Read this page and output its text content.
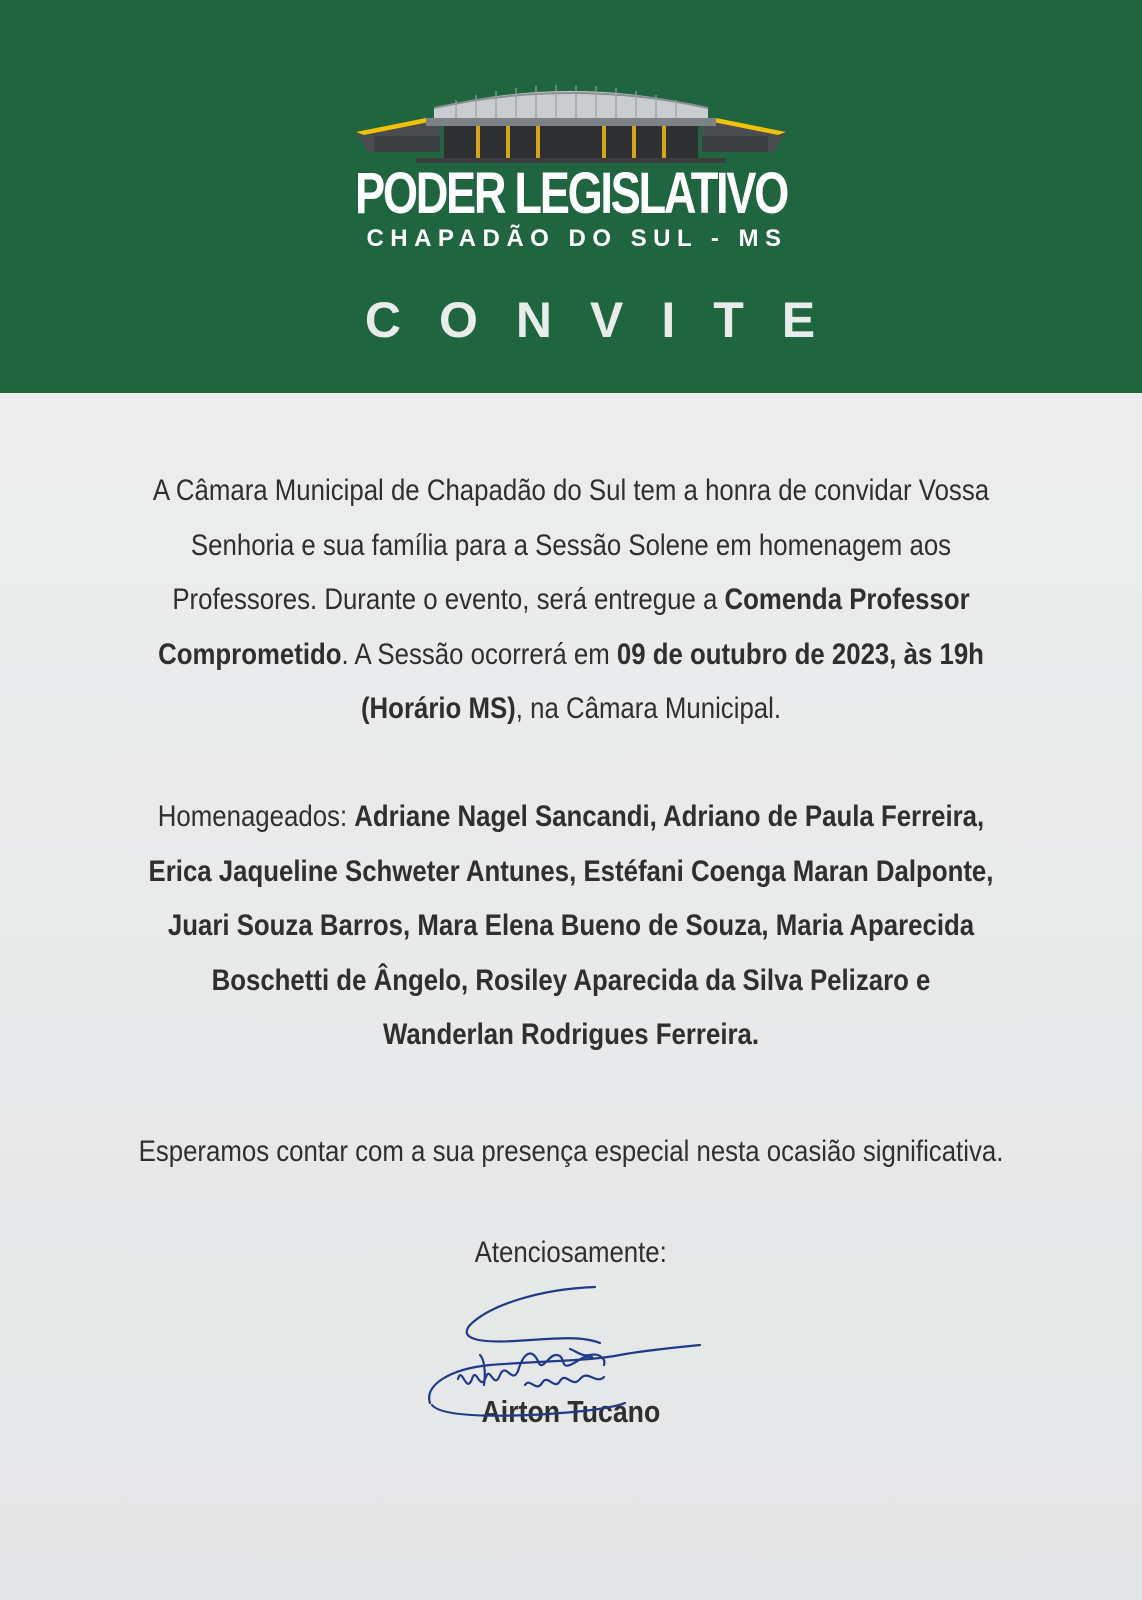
PODER LEGISLATIVO
CHAPADÃO DO SUL - MS
CONVITE
A Câmara Municipal de Chapadão do Sul tem a honra de convidar Vossa
Senhoria e sua família para a Sessão Solene em homenagem aos
Professores. Durante o evento, será entregue a Comenda Professor
Comprometido. A Sessão ocorrerá em 09 de outubro de 2023, às 19h
(Horário MS), na Câmara Municipal.
Homenageados: Adriane Nagel Sancandi, Adriano de Paula Ferreira,
Erica Jaqueline Schweter Antunes, Estéfani Coenga Maran Dalponte,
Juari Souza Barros, Mara Elena Bueno de Souza, Maria Aparecida
Boschetti de Ângelo, Rosiley Aparecida da Silva Pelizaro e
Wanderlan Rodrigues Ferreira.
Esperamos contar com a sua presença especial nesta ocasião significativa.
Atenciosamente:
Airton Tucano
